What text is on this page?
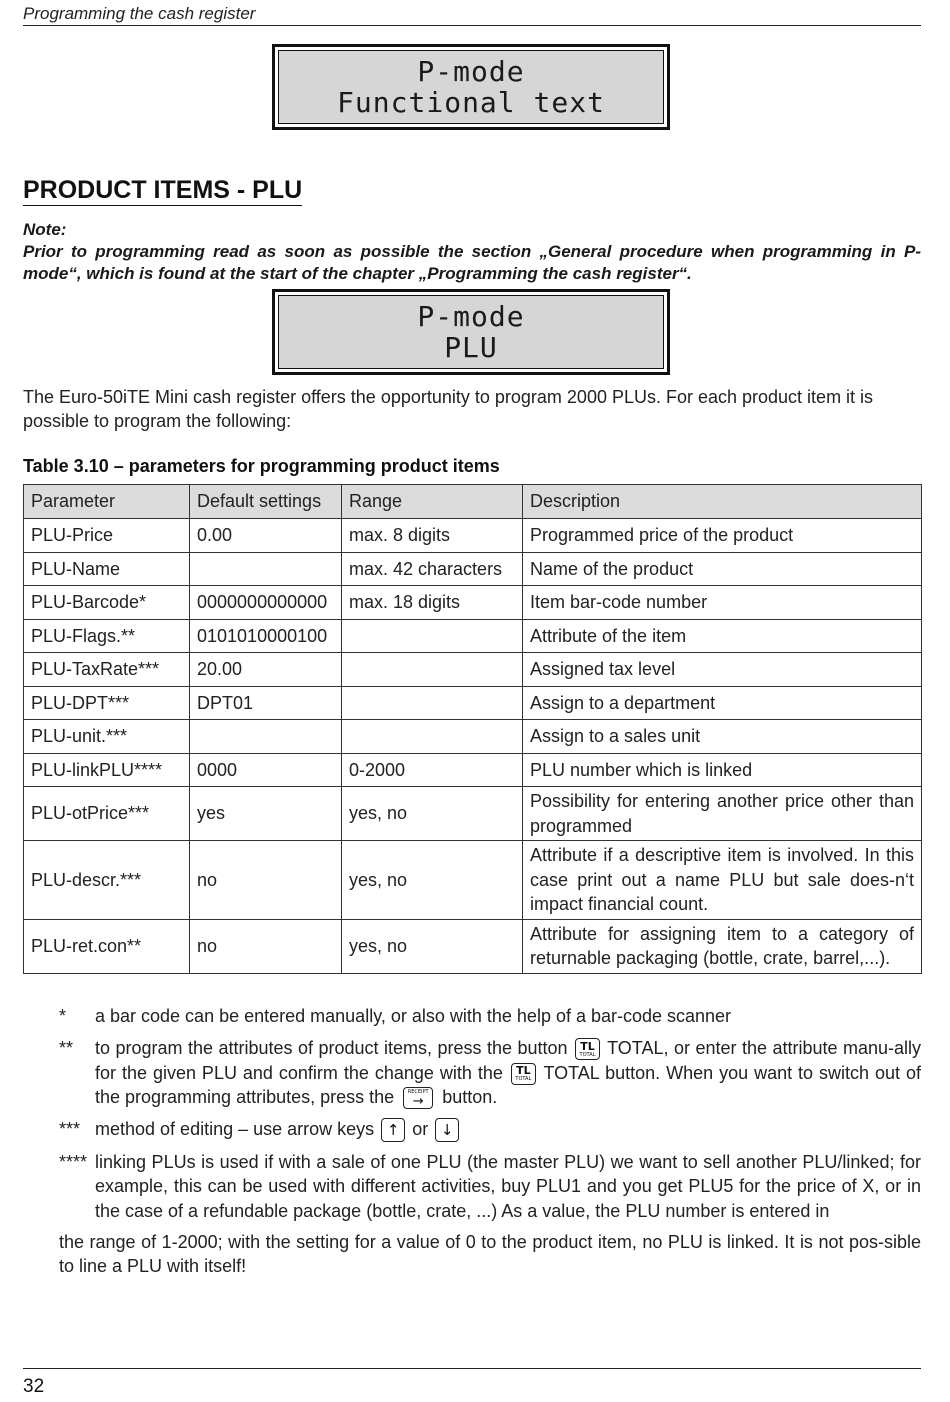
Programming the cash register
P-mode
Functional text
PRODUCT ITEMS - PLU
Note:

Prior to programming read as soon as possible the section „General procedure when programming in P-mode“, which is found at the start of the chapter „Programming the cash register“.

P-mode
PLU

The Euro-50iTE Mini cash register offers the opportunity to program 2000 PLUs. For each product item it is possible to program the following:

Table 3.10 – parameters for programming product items
Parameter	Default settings	Range	Description
PLU-Price	0.00	max. 8 digits	Programmed price of the product
PLU-Name		max. 42 characters	Name of the product
PLU-Barcode*	0000000000000	max. 18 digits	Item bar-code number
PLU-Flags.**	0101010000100		Attribute of the item
PLU-TaxRate***	20.00		Assigned tax level
PLU-DPT***	DPT01		Assign to a department
PLU-unit.***			Assign to a sales unit
PLU-linkPLU****	0000	0-2000	PLU number which is linked
PLU-otPrice***	yes	yes, no	Possibility for entering another price other than programmed
PLU-descr.***	no	yes, no	Attribute if a descriptive item is involved. In this case print out a name PLU but sale does-n‘t impact financial count.
PLU-ret.con**	no	yes, no	Attribute for assigning item to a category of returnable packaging (bottle, crate, barrel,...).
*	a bar code can be entered manually, or also with the help of a bar-code scanner
**	to program the attributes of product items, press the button TL
TOTAL TOTAL, or enter the attribute manu-ally for the given PLU and confirm the change with the TL
TOTAL TOTAL button. When you want to switch out of the programming attributes, press the	RECEIPT
→ button.
*** method of editing – use arrow keys ↑ or ↓
**** linking PLUs is used if with a sale of one PLU (the master PLU) we want to sell another PLU/linked; for example, this can be used with different activities, buy PLU1 and you get PLU5 for the price of X, or in the case of a refundable package (bottle, crate, ...) As a value, the PLU number is entered in
the range of 1-2000; with the setting for a value of 0 to the product item, no PLU is linked. It is not pos-sible to line a PLU with itself!
32
